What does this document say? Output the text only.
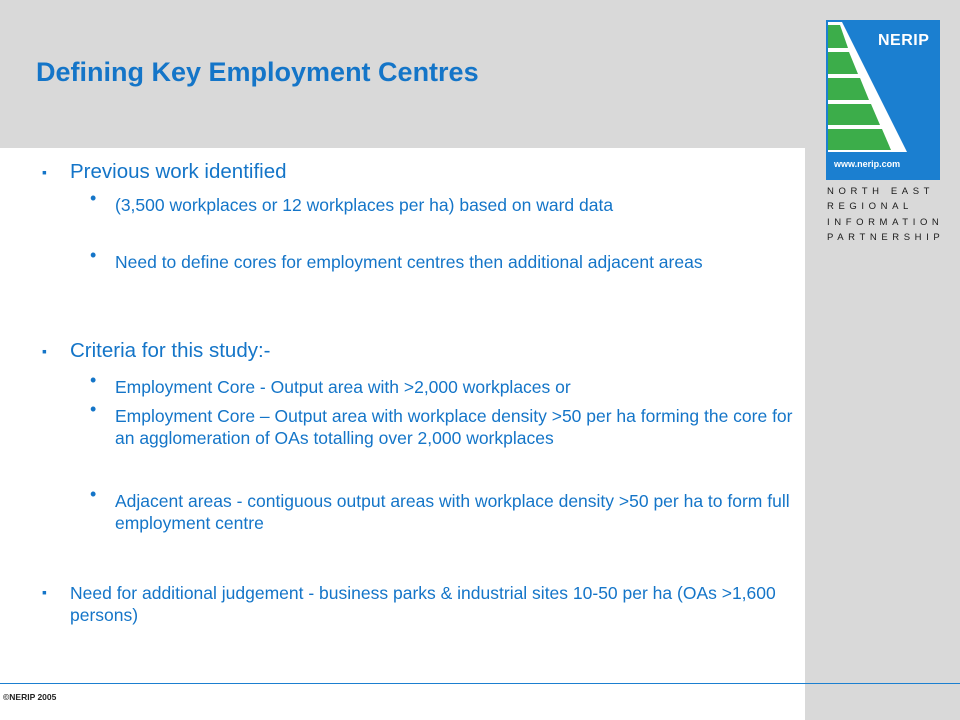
Defining Key Employment Centres
NERIP
www.nerip.com
NORTH EAST
REGIONAL
INFORMATION
PARTNERSHIP
▪ Previous work identified
• (3,500 workplaces or 12 workplaces per ha) based on ward data
• Need to define cores for employment centres then additional adjacent areas
▪ Criteria for this study:-
• Employment Core - Output area with >2,000 workplaces or
• Employment Core – Output area with workplace density >50 per ha forming the core for an agglomeration of OAs totalling over 2,000 workplaces
• Adjacent areas - contiguous output areas with workplace density >50 per ha to form full employment centre
▪ Need for additional judgement - business parks & industrial sites 10-50 per ha (OAs >1,600 persons)
©NERIP 2005
